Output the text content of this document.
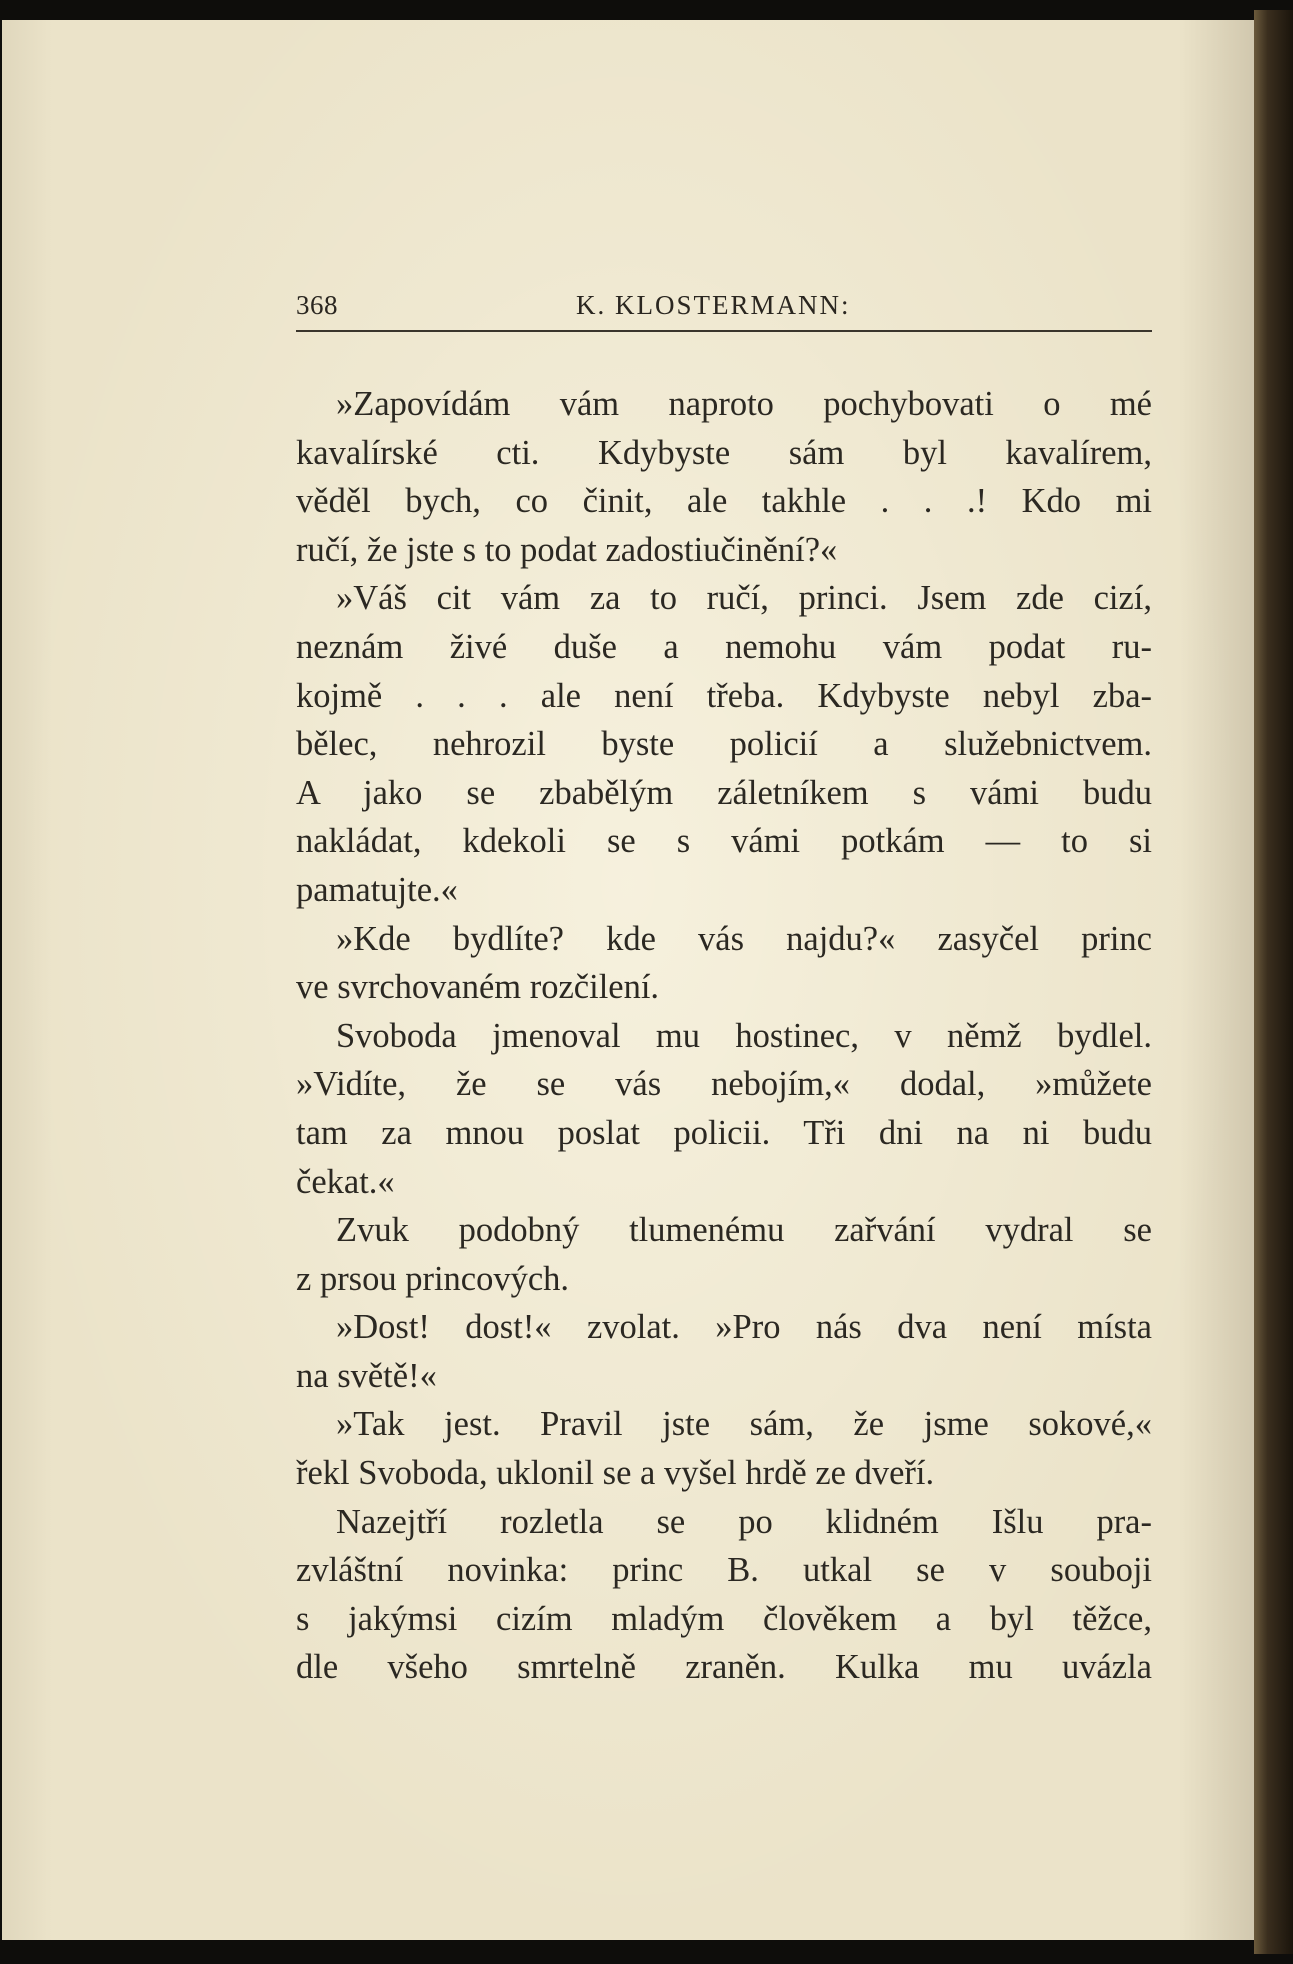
368	K. KLOSTERMANN:
»Zapovídám vám naproto pochybovati o mé
kavalírské cti. Kdybyste sám byl kavalírem,
věděl bych, co činit, ale takhle . . .! Kdo mi
ručí, že jste s to podat zadostiučinění?«
»Váš cit vám za to ručí, princi. Jsem zde cizí,
neznám živé duše a nemohu vám podat ru-
kojmě . . . ale není třeba. Kdybyste nebyl zba-
bělec, nehrozil byste policií a služebnictvem.
A jako se zbabělým záletníkem s vámi budu
nakládat, kdekoli se s vámi potkám — to si
pamatujte.«
»Kde bydlíte? kde vás najdu?« zasyčel princ
ve svrchovaném rozčilení.
Svoboda jmenoval mu hostinec, v němž bydlel.
»Vidíte, že se vás nebojím,« dodal, »můžete
tam za mnou poslat policii. Tři dni na ni budu
čekat.«
Zvuk podobný tlumenému zařvání vydral se
z prsou princových.
»Dost! dost!« zvolat. »Pro nás dva není místa
na světě!«
»Tak jest. Pravil jste sám, že jsme sokové,«
řekl Svoboda, uklonil se a vyšel hrdě ze dveří.
Nazejtří rozletla se po klidném Išlu pra-
zvláštní novinka: princ B. utkal se v souboji
s jakýmsi cizím mladým člověkem a byl těžce,
dle všeho smrtelně zraněn. Kulka mu uvázla
